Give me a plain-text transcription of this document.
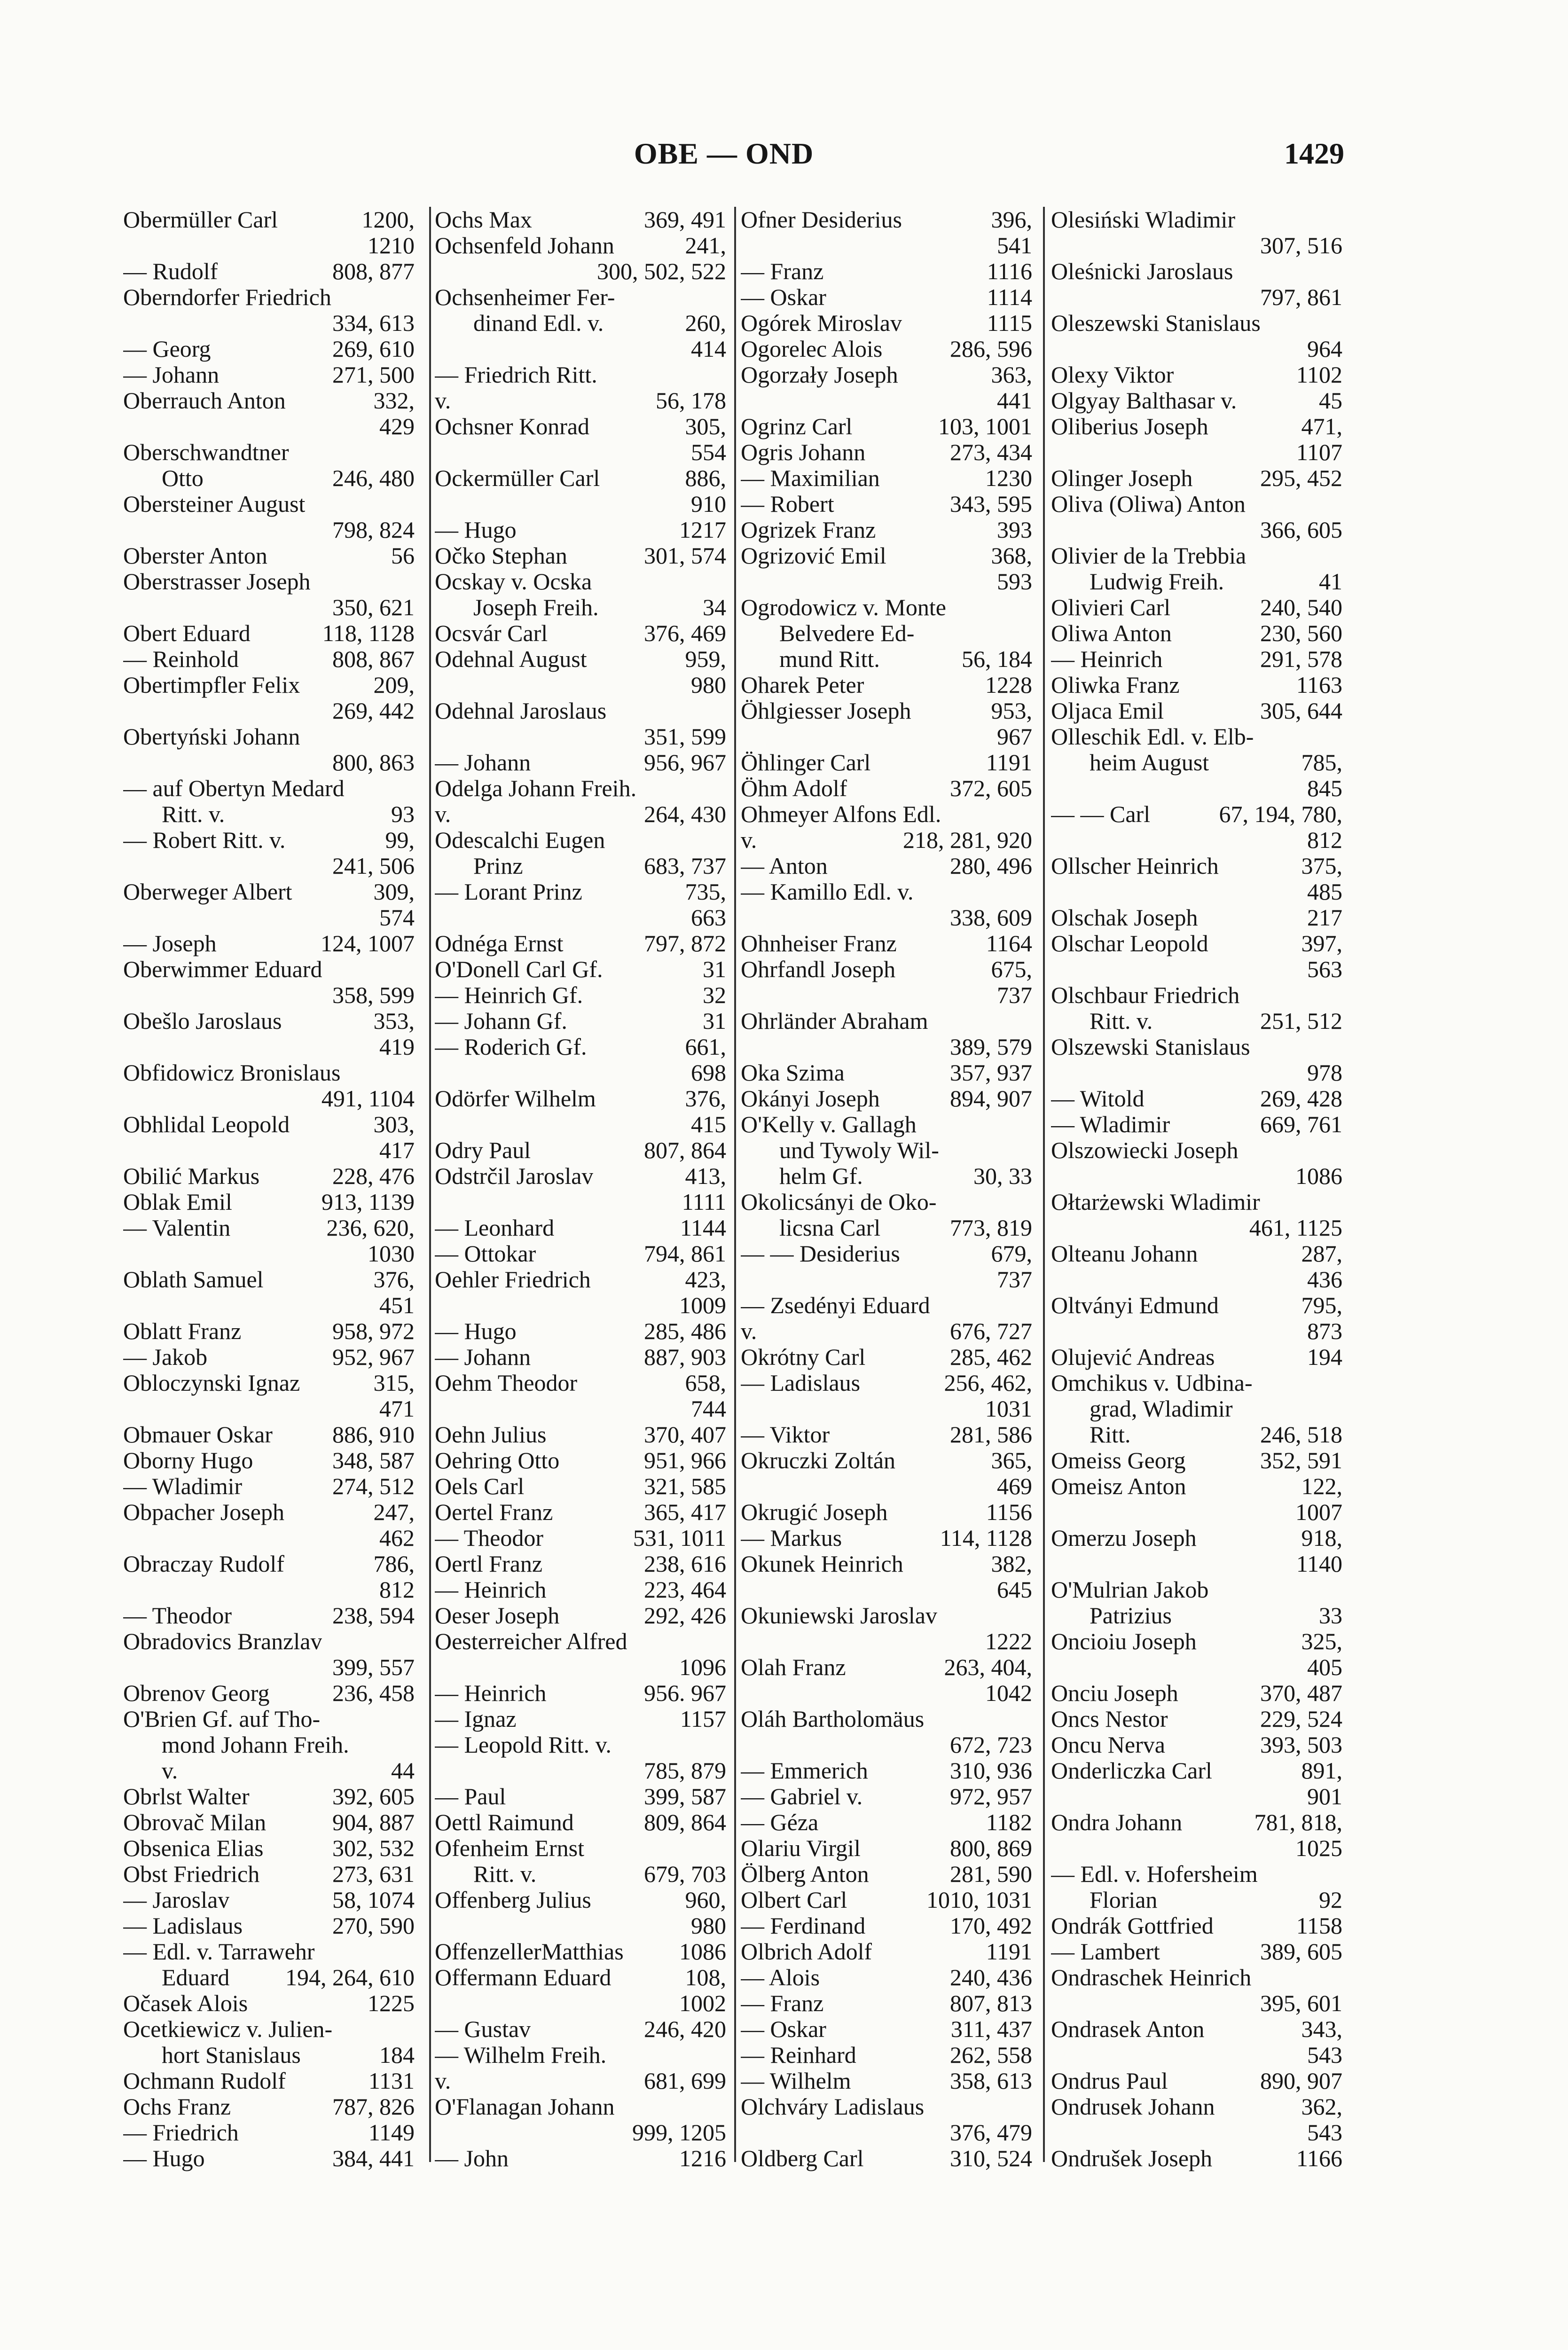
OBE — OND	1429
Obermüller Carl	1200,
1210
— Rudolf	808, 877
Oberndorfer Friedrich
334, 613
— Georg	269, 610
— Johann	271, 500
Oberrauch Anton	332,
429
Oberschwandtner
Otto	246, 480
Obersteiner August
798, 824
Oberster Anton	56
Oberstrasser Joseph
350, 621
Obert Eduard	118, 1128
— Reinhold	808, 867
Obertimpfler Felix	209,
269, 442
Obertyński Johann
800, 863
— auf Obertyn Medard
Ritt. v.	93
— Robert Ritt. v.	99,
241, 506
Oberweger Albert	309,
574
— Joseph	124, 1007
Oberwimmer Eduard
358, 599
Obešlo Jaroslaus	353,
419
Obfidowicz Bronislaus
491, 1104
Obhlidal Leopold	303,
417
Obilić Markus	228, 476
Oblak Emil	913, 1139
— Valentin	236, 620,
1030
Oblath Samuel	376,
451
Oblatt Franz	958, 972
— Jakob	952, 967
Obloczynski Ignaz	315,
471
Obmauer Oskar	886, 910
Oborny Hugo	348, 587
— Wladimir	274, 512
Obpacher Joseph	247,
462
Obraczay Rudolf	786,
812
— Theodor	238, 594
Obradovics Branzlav
399, 557
Obrenov Georg	236, 458
O'Brien Gf. auf Tho-
mond Johann Freih.
v.	44
Obrlst Walter	392, 605
Obrovač Milan	904, 887
Obsenica Elias	302, 532
Obst Friedrich	273, 631
— Jaroslav	58, 1074
— Ladislaus	270, 590
— Edl. v. Tarrawehr
Eduard 194, 264, 610
Očasek Alois	1225
Ocetkiewicz v. Julien-
hort Stanislaus	184
Ochmann Rudolf	1131
Ochs Franz	787, 826
— Friedrich	1149
— Hugo	384, 441
Ochs Max	369, 491
Ochsenfeld Johann	241,
300, 502, 522
Ochsenheimer Fer-
dinand Edl. v.	260,
414
— Friedrich Ritt.
v.	56, 178
Ochsner Konrad	305,
554
Ockermüller Carl	886,
910
— Hugo	1217
Očko Stephan	301, 574
Ocskay v. Ocska
Joseph Freih.	34
Ocsvár Carl	376, 469
Odehnal August	959,
980
Odehnal Jaroslaus
351, 599
— Johann	956, 967
Odelga Johann Freih.
v.	264, 430
Odescalchi Eugen
Prinz	683, 737
— Lorant Prinz	735,
663
Odnéga Ernst	797, 872
O'Donell Carl Gf.	31
— Heinrich Gf.	32
— Johann Gf.	31
— Roderich Gf.	661,
698
Odörfer Wilhelm	376,
415
Odry Paul	807, 864
Odstrčil Jaroslav	413,
1111
— Leonhard	1144
— Ottokar	794, 861
Oehler Friedrich	423,
1009
— Hugo	285, 486
— Johann	887, 903
Oehm Theodor	658,
744
Oehn Julius	370, 407
Oehring Otto	951, 966
Oels Carl	321, 585
Oertel Franz	365, 417
— Theodor	531, 1011
Oertl Franz	238, 616
— Heinrich	223, 464
Oeser Joseph	292, 426
Oesterreicher Alfred
1096
— Heinrich	956. 967
— Ignaz	1157
— Leopold Ritt. v.
785, 879
— Paul	399, 587
Oettl Raimund	809, 864
Ofenheim Ernst
Ritt. v.	679, 703
Offenberg Julius	960,
980
OffenzellerMatthias 1086
Offermann Eduard	108,
1002
— Gustav	246, 420
— Wilhelm Freih.
v.	681, 699
O'Flanagan Johann
999, 1205
— John	1216
Ofner Desiderius	396,
541
— Franz	1116
— Oskar	1114
Ogórek Miroslav	1115
Ogorelec Alois	286, 596
Ogorzały Joseph	363,
441
Ogrinz Carl	103, 1001
Ogris Johann	273, 434
— Maximilian	1230
— Robert	343, 595
Ogrizek Franz	393
Ogrizović Emil	368,
593
Ogrodowicz v. Monte
Belvedere Ed-
mund Ritt.	56, 184
Oharek Peter	1228
Öhlgiesser Joseph	953,
967
Öhlinger Carl	1191
Öhm Adolf	372, 605
Ohmeyer Alfons Edl.
v.	218, 281, 920
— Anton	280, 496
— Kamillo Edl. v.
338, 609
Ohnheiser Franz	1164
Ohrfandl Joseph	675,
737
Ohrländer Abraham
389, 579
Oka Szima	357, 937
Okányi Joseph	894, 907
O'Kelly v. Gallagh
und Tywoly Wil-
helm Gf.	30, 33
Okolicsányi de Oko-
licsna Carl	773, 819
— — Desiderius	679,
737
— Zsedényi Eduard
v.	676, 727
Okrótny Carl	285, 462
— Ladislaus	256, 462,
1031
— Viktor	281, 586
Okruczki Zoltán	365,
469
Okrugić Joseph	1156
— Markus	114, 1128
Okunek Heinrich	382,
645
Okuniewski Jaroslav
1222
Olah Franz	263, 404,
1042
Oláh Bartholomäus
672, 723
— Emmerich	310, 936
— Gabriel v.	972, 957
— Géza	1182
Olariu Virgil	800, 869
Ölberg Anton	281, 590
Olbert Carl	1010, 1031
— Ferdinand	170, 492
Olbrich Adolf	1191
— Alois	240, 436
— Franz	807, 813
— Oskar	311, 437
— Reinhard	262, 558
— Wilhelm	358, 613
Olchváry Ladislaus
376, 479
Oldberg Carl	310, 524
Olesiński Wladimir
307, 516
Oleśnicki Jaroslaus
797, 861
Oleszewski Stanislaus
964
Olexy Viktor	1102
Olgyay Balthasar v.	45
Oliberius Joseph	471,
1107
Olinger Joseph	295, 452
Oliva (Oliwa) Anton
366, 605
Olivier de la Trebbia
Ludwig Freih.	41
Olivieri Carl	240, 540
Oliwa Anton	230, 560
— Heinrich	291, 578
Oliwka Franz	1163
Oljaca Emil	305, 644
Olleschik Edl. v. Elb-
heim August	785,
845
— — Carl	67, 194, 780,
812
Ollscher Heinrich	375,
485
Olschak Joseph	217
Olschar Leopold	397,
563
Olschbaur Friedrich
Ritt. v.	251, 512
Olszewski Stanislaus
978
— Witold	269, 428
— Wladimir	669, 761
Olszowiecki Joseph
1086
Ołtarżewski Wladimir
461, 1125
Olteanu Johann	287,
436
Oltványi Edmund	795,
873
Olujević Andreas	194
Omchikus v. Udbina-
grad, Wladimir
Ritt.	246, 518
Omeiss Georg	352, 591
Omeisz Anton	122,
1007
Omerzu Joseph	918,
1140
O'Mulrian Jakob
Patrizius	33
Oncioiu Joseph	325,
405
Onciu Joseph	370, 487
Oncs Nestor	229, 524
Oncu Nerva	393, 503
Onderliczka Carl	891,
901
Ondra Johann	781, 818,
1025
— Edl. v. Hofersheim
Florian	92
Ondrák Gottfried	1158
— Lambert	389, 605
Ondraschek Heinrich
395, 601
Ondrasek Anton	343,
543
Ondrus Paul	890, 907
Ondrusek Johann	362,
543
Ondrušek Joseph	1166
